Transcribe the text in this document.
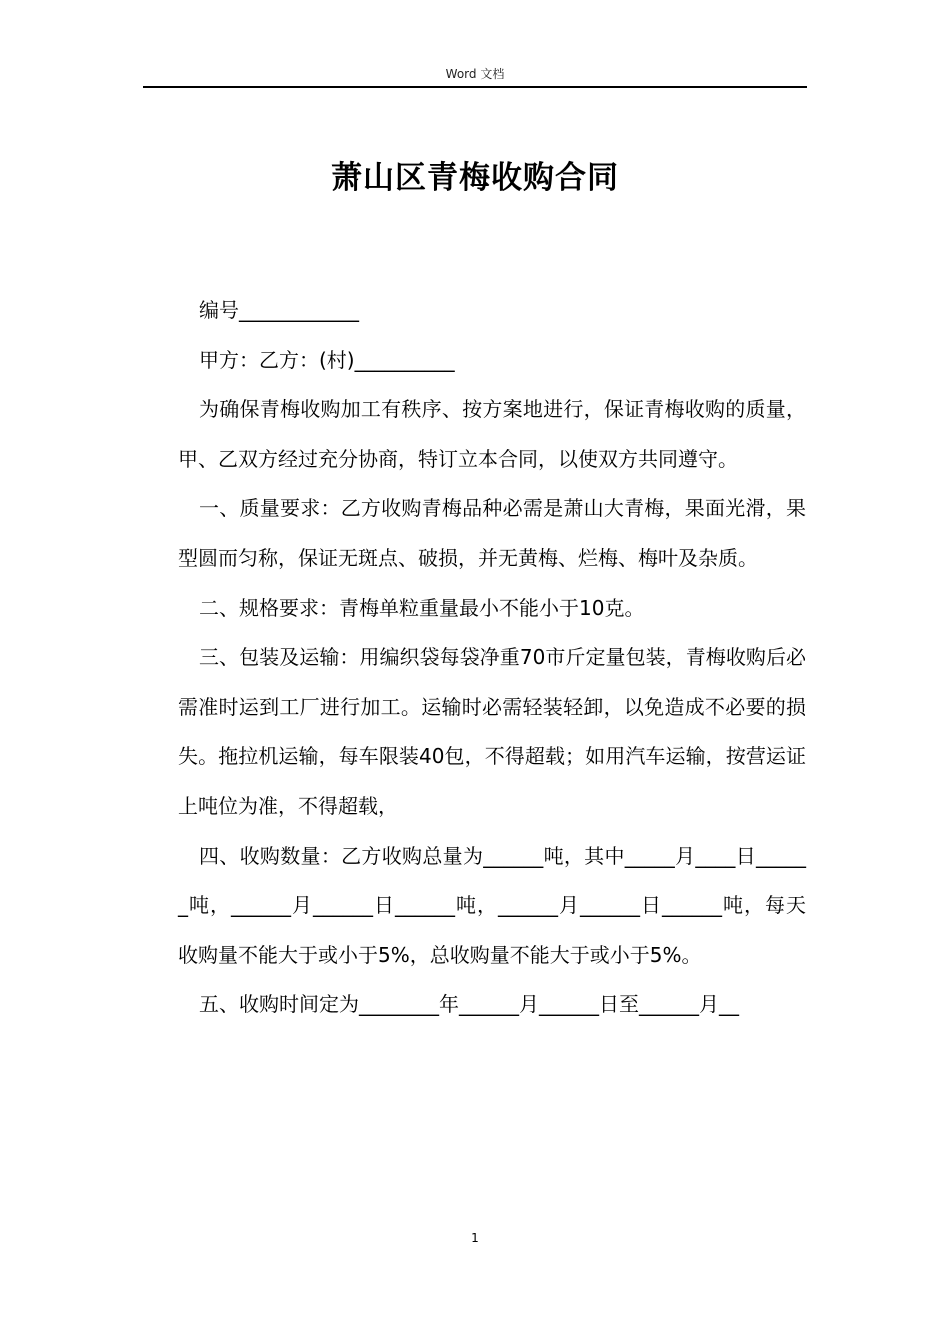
Word 文档
萧山区青梅收购合同

编号____________

甲方：乙方：(村)__________

为确保青梅收购加工有秩序、按方案地进行，保证青梅收购的质量，甲、乙双方经过充分协商，特订立本合同，以使双方共同遵守。

一、质量要求：乙方收购青梅品种必需是萧山大青梅，果面光滑，果型圆而匀称，保证无斑点、破损，并无黄梅、烂梅、梅叶及杂质。

二、规格要求：青梅单粒重量最小不能小于10克。

三、包装及运输：用编织袋每袋净重70市斤定量包装，青梅收购后必需准时运到工厂进行加工。运输时必需轻装轻卸，以免造成不必要的损失。拖拉机运输，每车限装40包，不得超载；如用汽车运输，按营运证上吨位为准，不得超载，

四、收购数量：乙方收购总量为______吨，其中_____月____日______吨，______月______日______吨，______月______日______吨，每天收购量不能大于或小于5%，总收购量不能大于或小于5%。

五、收购时间定为________年______月______日至______月__

1
